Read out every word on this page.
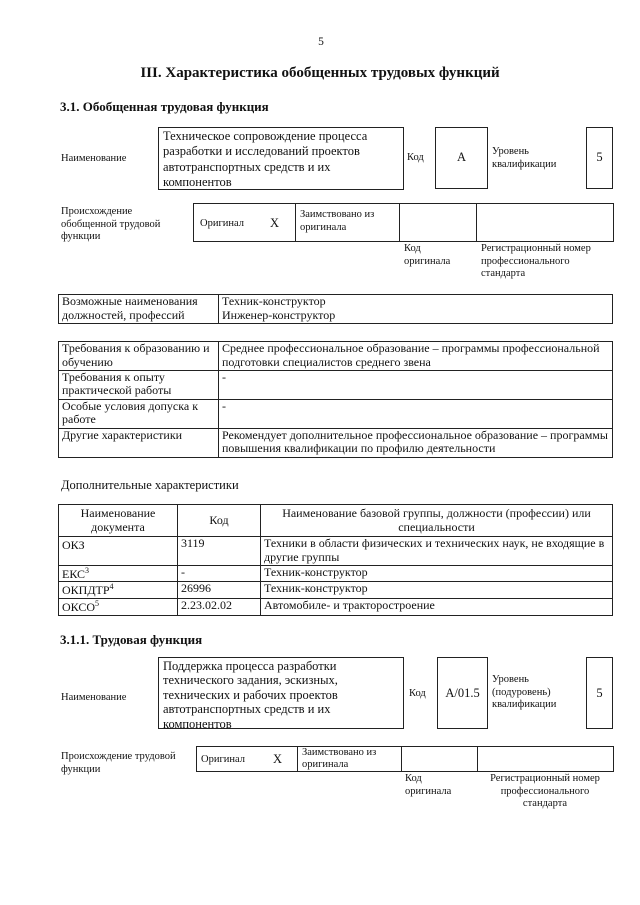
5
III. Характеристика обобщенных трудовых функций
3.1. Обобщенная трудовая функция
Наименование
Техническое сопровождение процесса разработки и исследований проектов автотранспортных средств и их компонентов
Код	А	Уровень квалификации
5
Происхождение обобщенной трудовой функции
Оригинал Х
Заимствовано из оригинала
Код оригинала
Регистрационный номер профессионального стандарта
Возможные наименования должностей, профессий	
Техник-конструктор
Инженер-конструктор
Требования к образованию и обучению	Среднее профессиональное образование – программы профессиональной подготовки специалистов среднего звена
Требования к опыту практической работы	-
Особые условия допуска к работе	-
Другие характеристики	Рекомендует дополнительное профессиональное образование – программы повышения квалификации по профилю деятельности
Дополнительные характеристики
Наименование документа	Код	Наименование базовой группы, должности (профессии) или специальности
ОКЗ	3119	Техники в области физических и технических наук, не входящие в другие группы
ЕКС$^3$	-	Техник-конструктор
ОКПДТР$^4$	26996	Техник-конструктор
ОКСО$^5$	2.23.02.02	Автомобиле- и тракторостроение
3.1.1. Трудовая функция
Наименование
Поддержка процесса разработки технического задания, эскизных, технических и рабочих проектов автотранспортных средств и их компонентов
Код	А/01.5
Уровень (подуровень) квалификации
5
Происхождение трудовой функции
Оригинал Х Заимствовано из оригинала
Код оригинала
Регистрационный номер профессионального стандарта
